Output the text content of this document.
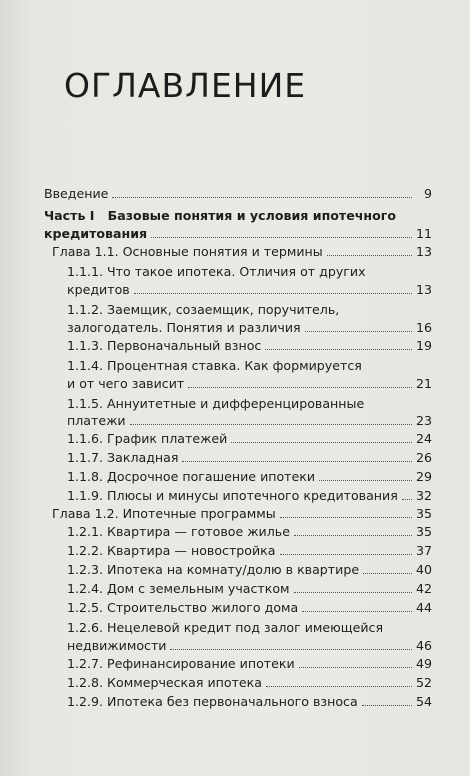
ОГЛАВЛЕНИЕ
Введение	9
Часть I Базовые понятия и условия ипотечного
кредитования	11
Глава 1.1. Основные понятия и термины	13
1.1.1. Что такое ипотека. Отличия от других
кредитов	13
1.1.2. Заемщик, созаемщик, поручитель,
залогодатель. Понятия и различия	16
1.1.3. Первоначальный взнос	19
1.1.4. Процентная ставка. Как формируется
и от чего зависит	21
1.1.5. Аннуитетные и дифференцированные
платежи	23
1.1.6. График платежей	24
1.1.7. Закладная	26
1.1.8. Досрочное погашение ипотеки	29
1.1.9. Плюсы и минусы ипотечного кредитования 32
Глава 1.2. Ипотечные программы	35
1.2.1. Квартира — готовое жилье	35
1.2.2. Квартира — новостройка	37
1.2.3. Ипотека на комнату/долю в квартире	40
1.2.4. Дом с земельным участком	42
1.2.5. Строительство жилого дома	44
1.2.6. Нецелевой кредит под залог имеющейся
недвижимости	46
1.2.7. Рефинансирование ипотеки	49
1.2.8. Коммерческая ипотека	52
1.2.9. Ипотека без первоначального взноса	54
